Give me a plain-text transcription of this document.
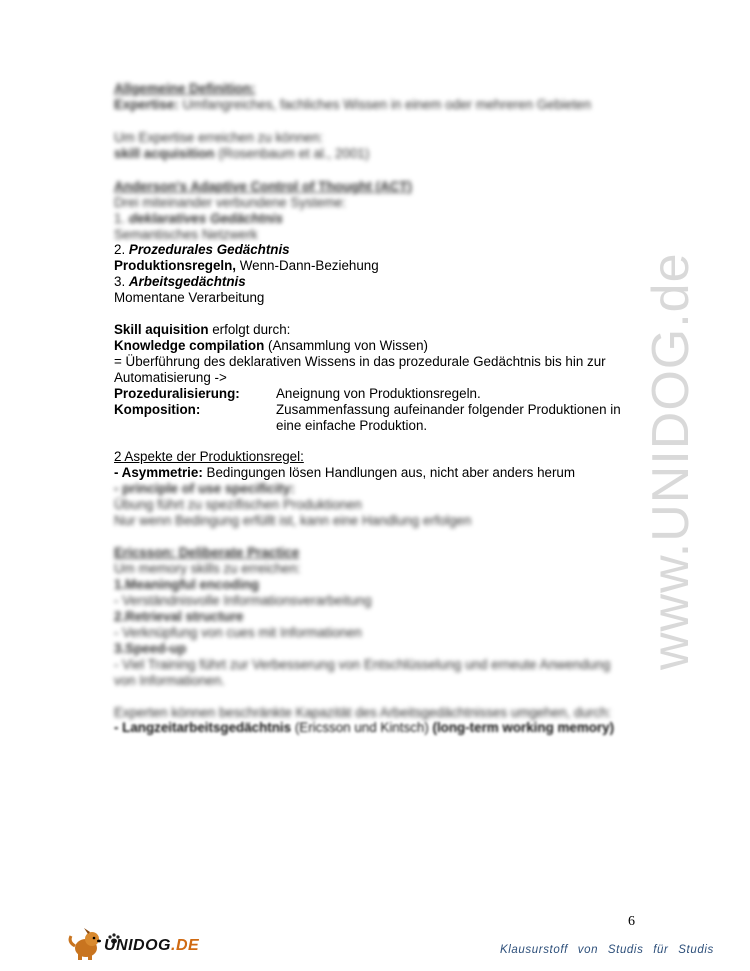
Allgemeine Definition:
Expertise: Umfangreiches, fachliches Wissen in einem oder mehreren Gebieten
Um Expertise erreichen zu können:
skill acquisition (Rosenbaum et al., 2001)
Anderson's Adaptive Control of Thought (ACT)
Drei miteinander verbundene Systeme:
1. deklaratives Gedächtnis
Semantisches Netzwerk
2. Prozedurales Gedächtnis
Produktionsregeln, Wenn-Dann-Beziehung
3. Arbeitsgedächtnis
Momentane Verarbeitung
Skill aquisition erfolgt durch:
Knowledge compilation (Ansammlung von Wissen)
= Überführung des deklarativen Wissens in das prozedurale Gedächtnis bis hin zur
Automatisierung ->
Prozeduralisierung:	Aneignung von Produktionsregeln.
Komposition:	Zusammenfassung aufeinander folgender Produktionen in
eine einfache Produktion.
2 Aspekte der Produktionsregel:
- Asymmetrie: Bedingungen lösen Handlungen aus, nicht aber anders herum
- principle of use specificity:
Übung führt zu spezifischen Produktionen
Nur wenn Bedingung erfüllt ist, kann eine Handlung erfolgen
Ericsson: Deliberate Practice
Um memory skills zu erreichen:
1.Meaningful encoding
- Verständnisvolle Informationsverarbeitung
2.Retrieval structure
- Verknüpfung von cues mit Informationen
3.Speed-up
- Viel Training führt zur Verbesserung von Entschlüsselung und erneute Anwendung
von Informationen.
Experten können beschränkte Kapazität des Arbeitsgedächtnisses umgehen, durch:
- Langzeitarbeitsgedächtnis (Ericsson und Kintsch) (long-term working memory)
www.UNIDOG.de
6
UNIDOG.DE	Klausurstoff von Studis für Studis
